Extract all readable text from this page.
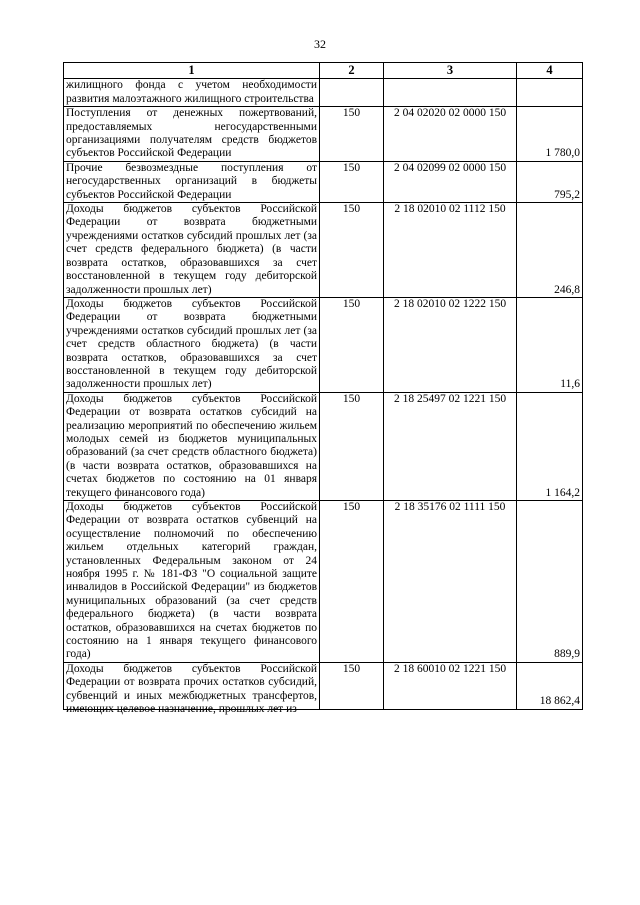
32
1	2	3	4
жилищного фонда с учетом необходимости развития малоэтажного жилищного строительства			
Поступления от денежных пожертвований, предоставляемых негосударственными организациями получателям средств бюджетов субъектов Российской Федерации	150	2 04 02020 02 0000 150	1 780,0
Прочие безвозмездные поступления от негосударственных организаций в бюджеты субъектов Российской Федерации	150	2 04 02099 02 0000 150	795,2
Доходы бюджетов субъектов Российской Федерации от возврата бюджетными учреждениями остатков субсидий прошлых лет (за счет средств федерального бюджета) (в части возврата остатков, образовавшихся за счет восстановленной в текущем году дебиторской задолженности прошлых лет)	150	2 18 02010 02 1112 150	246,8
Доходы бюджетов субъектов Российской Федерации от возврата бюджетными учреждениями остатков субсидий прошлых лет (за счет средств областного бюджета) (в части возврата остатков, образовавшихся за счет восстановленной в текущем году дебиторской задолженности прошлых лет)	150	2 18 02010 02 1222 150	11,6
Доходы бюджетов субъектов Российской Федерации от возврата остатков субсидий на реализацию мероприятий по обеспечению жильем молодых семей из бюджетов муниципальных образований (за счет средств областного бюджета) (в части возврата остатков, образовавшихся на счетах бюджетов по состоянию на 01 января текущего финансового года)	150	2 18 25497 02 1221 150	1 164,2
Доходы бюджетов субъектов Российской Федерации от возврата остатков субвенций на осуществление полномочий по обеспечению жильем отдельных категорий граждан, установленных Федеральным законом от 24 ноября 1995 г. № 181-ФЗ "О социальной защите инвалидов в Российской Федерации" из бюджетов муниципальных образований (за счет средств федерального бюджета) (в части возврата остатков, образовавшихся на счетах бюджетов по состоянию на 1 января текущего финансового года)	150	2 18 35176 02 1111 150	889,9

Доходы бюджетов субъектов Российской Федерации от возврата прочих остатков субсидий, субвенций и иных межбюджетных трансфертов, имеющих целевое назначение, прошлых лет из	150	2 18 60010 02 1221 150	18 862,4
